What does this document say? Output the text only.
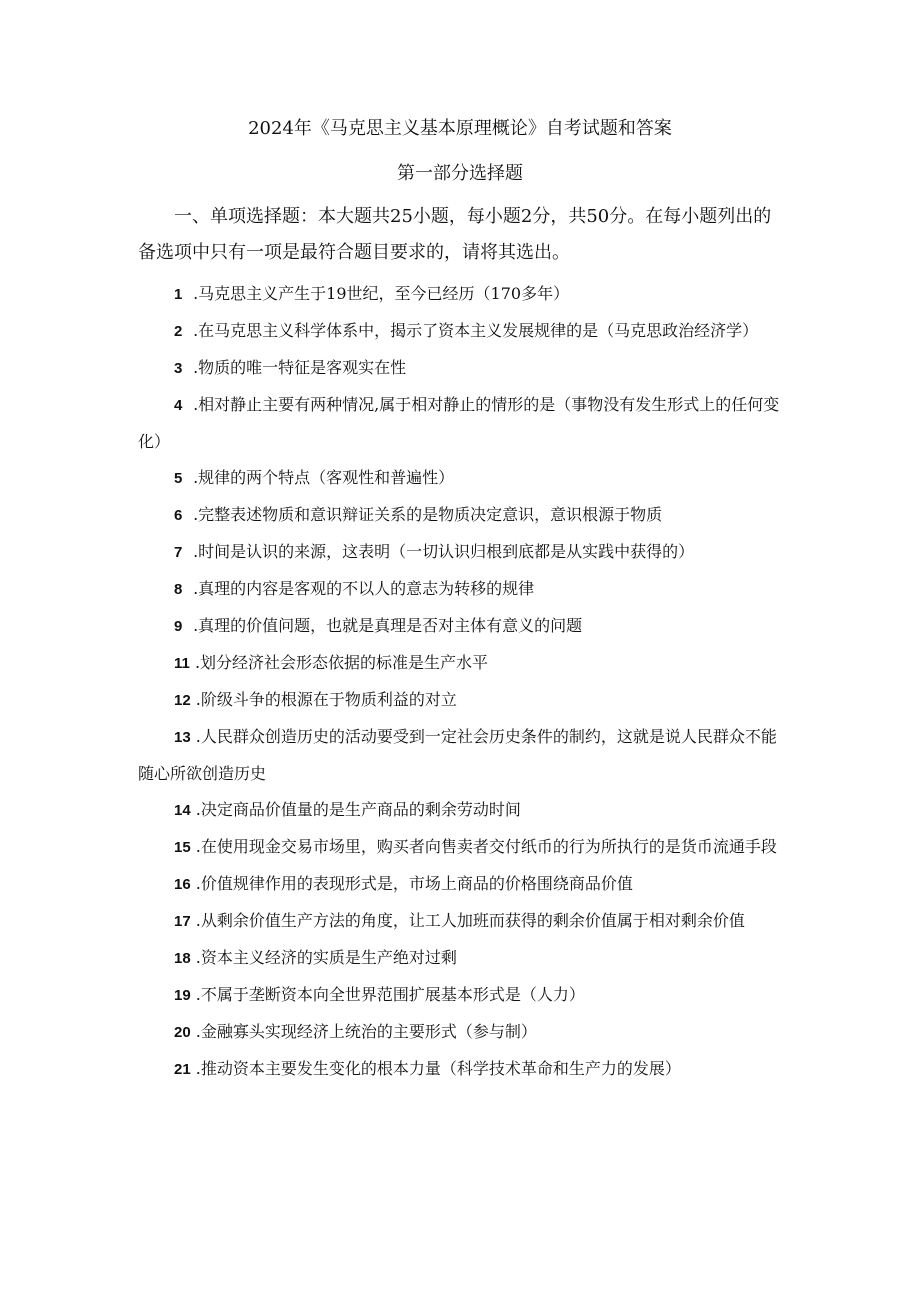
2024年《马克思主义基本原理概论》自考试题和答案
第一部分选择题
一、单项选择题：本大题共25小题，每小题2分，共50分。在每小题列出的备选项中只有一项是最符合题目要求的，请将其选出。
1 .马克思主义产生于19世纪，至今已经历（170多年）
2 .在马克思主义科学体系中，揭示了资本主义发展规律的是（马克思政治经济学）
3 .物质的唯一特征是客观实在性
4 .相对静止主要有两种情况,属于相对静止的情形的是（事物没有发生形式上的任何变化）
5 .规律的两个特点（客观性和普遍性）
6 .完整表述物质和意识辩证关系的是物质决定意识，意识根源于物质
7 .时间是认识的来源，这表明（一切认识归根到底都是从实践中获得的）
8 .真理的内容是客观的不以人的意志为转移的规律
9 .真理的价值问题，也就是真理是否对主体有意义的问题
11 .划分经济社会形态依据的标准是生产水平
12 .阶级斗争的根源在于物质利益的对立
13 .人民群众创造历史的活动要受到一定社会历史条件的制约，这就是说人民群众不能随心所欲创造历史
14 .决定商品价值量的是生产商品的剩余劳动时间
15 .在使用现金交易市场里，购买者向售卖者交付纸币的行为所执行的是货币流通手段
16 .价值规律作用的表现形式是，市场上商品的价格围绕商品价值
17 .从剩余价值生产方法的角度，让工人加班而获得的剩余价值属于相对剩余价值
18 .资本主义经济的实质是生产绝对过剩
19 .不属于垄断资本向全世界范围扩展基本形式是（人力）
20 .金融寡头实现经济上统治的主要形式（参与制）
21 .推动资本主要发生变化的根本力量（科学技术革命和生产力的发展）
